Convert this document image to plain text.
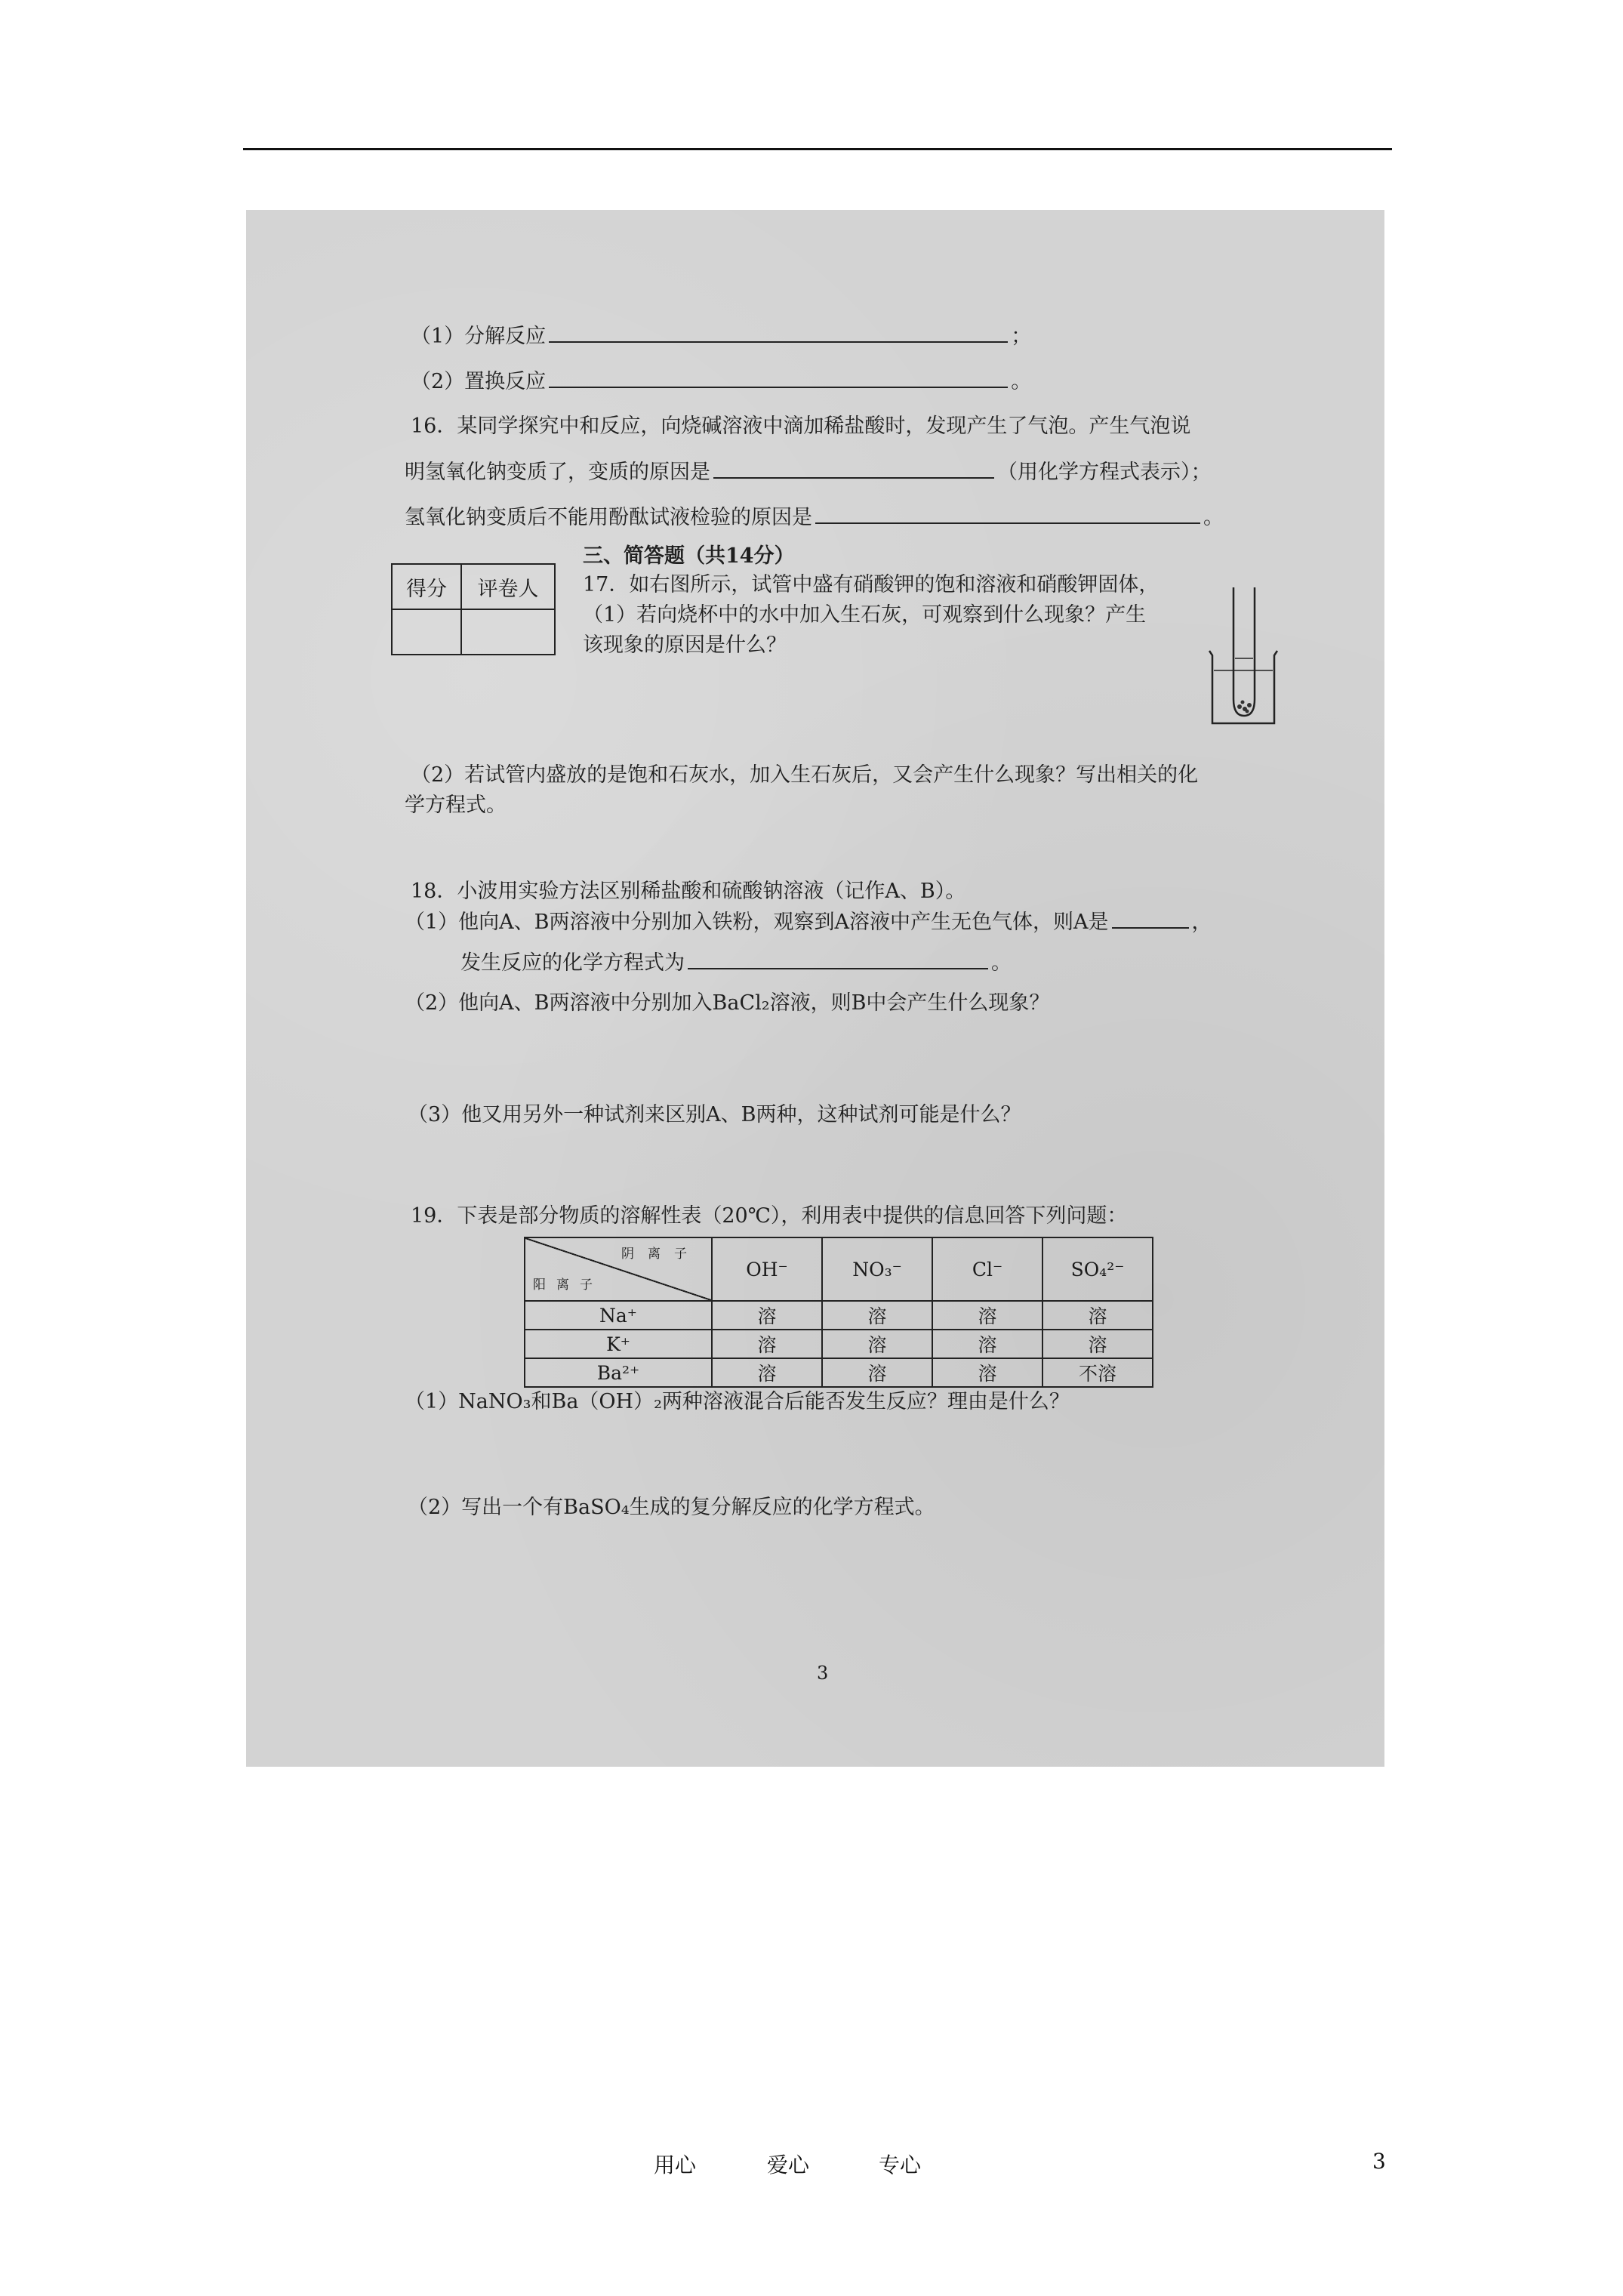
（1）分解反应	；
（2）置换反应	。
16．某同学探究中和反应，向烧碱溶液中滴加稀盐酸时，发现产生了气泡。产生气泡说
明氢氧化钠变质了，变质的原因是	（用化学方程式表示）；
氢氧化钠变质后不能用酚酞试液检验的原因是	。
得分	评卷人

三、简答题（共14分）
17．如右图所示，试管中盛有硝酸钾的饱和溶液和硝酸钾固体，
（1）若向烧杯中的水中加入生石灰，可观察到什么现象？产生
该现象的原因是什么？
（2）若试管内盛放的是饱和石灰水，加入生石灰后，又会产生什么现象？写出相关的化
学方程式。
18．小波用实验方法区别稀盐酸和硫酸钠溶液（记作A、B）。
（1）他向A、B两溶液中分别加入铁粉，观察到A溶液中产生无色气体，则A是	，
发生反应的化学方程式为	。
（2）他向A、B两溶液中分别加入BaCl₂溶液，则B中会产生什么现象？
（3）他又用另外一种试剂来区别A、B两种，这种试剂可能是什么？
19．下表是部分物质的溶解性表（20℃），利用表中提供的信息回答下列问题：
阴离子
阳离子	OH⁻	NO₃⁻	Cl⁻	SO₄²⁻
Na⁺	溶	溶	溶	溶
K⁺	溶	溶	溶	溶
Ba²⁺	溶	溶	溶	不溶
（1）NaNO₃和Ba（OH）₂两种溶液混合后能否发生反应？理由是什么？
（2）写出一个有BaSO₄生成的复分解反应的化学方程式。
3
用心	爱心	专心	3
